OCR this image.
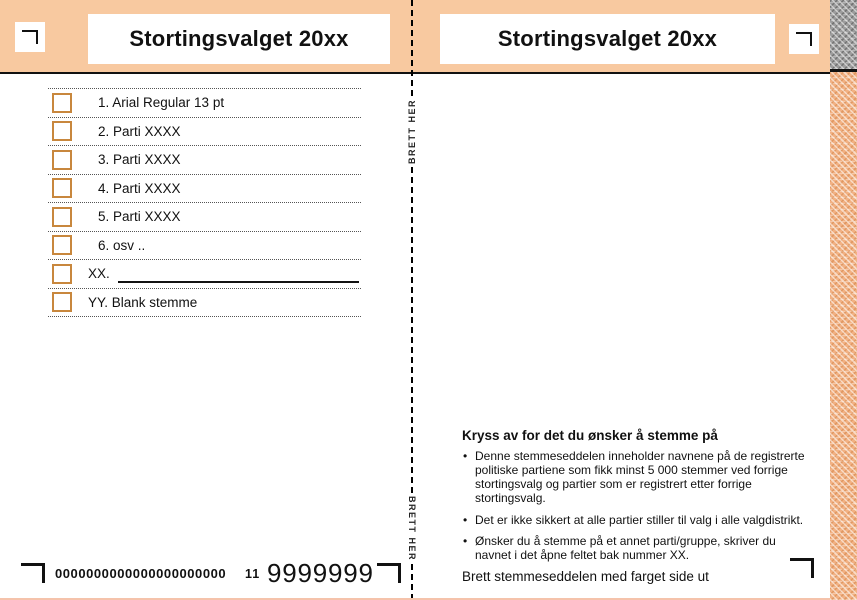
Stortingsvalget 20xx	Stortingsvalget 20xx
BRETT HER
BRETT HER
1. Arial Regular 13 pt
2. Parti XXXX
3. Parti XXXX
4. Parti XXXX
5. Parti XXXX
6. osv ..
XX.
YY. Blank stemme
Kryss av for det du ønsker å stemme på
• Denne stemmeseddelen inneholder navnene på de registrerte politiske partiene som fikk minst 5 000 stemmer ved forrige stortingsvalg og partier som er registrert etter forrige stortingsvalg.
• Det er ikke sikkert at alle partier stiller til valg i alle valgdistrikt.
• Ønsker du å stemme på et annet parti/gruppe, skriver du navnet i det åpne feltet bak nummer XX.
Brett stemmeseddelen med farget side ut
0000000000000000000000 11 9999999
